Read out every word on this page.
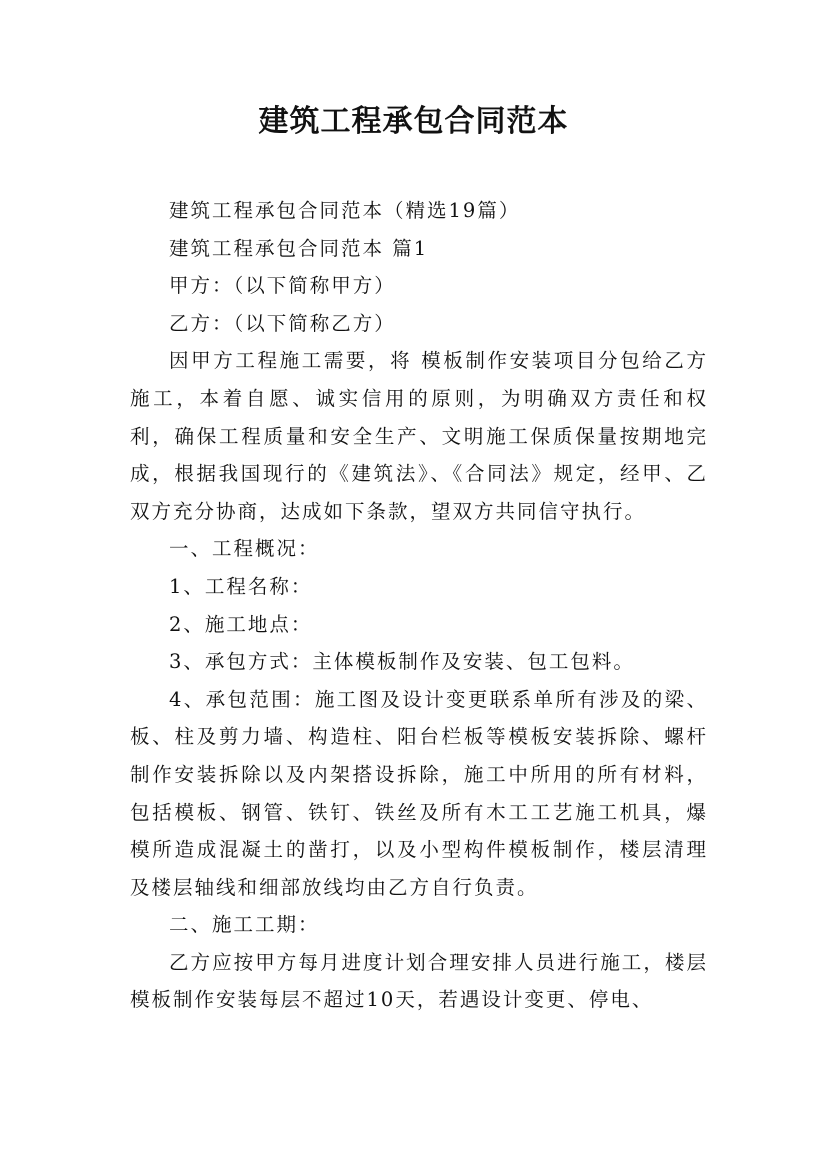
建筑工程承包合同范本

建筑工程承包合同范本（精选19篇）

建筑工程承包合同范本 篇1

甲方：（以下简称甲方）

乙方：（以下简称乙方）

因甲方工程施工需要，将 模板制作安装项目分包给乙方施工，本着自愿、诚实信用的原则，为明确双方责任和权利，确保工程质量和安全生产、文明施工保质保量按期地完成，根据我国现行的《建筑法》、《合同法》规定，经甲、乙双方充分协商，达成如下条款，望双方共同信守执行。

一、工程概况：

1、工程名称：

2、施工地点：

3、承包方式：主体模板制作及安装、包工包料。

4、承包范围：施工图及设计变更联系单所有涉及的梁、板、柱及剪力墙、构造柱、阳台栏板等模板安装拆除、螺杆制作安装拆除以及内架搭设拆除，施工中所用的所有材料，包括模板、钢管、铁钉、铁丝及所有木工工艺施工机具，爆模所造成混凝土的凿打，以及小型构件模板制作，楼层清理及楼层轴线和细部放线均由乙方自行负责。

二、施工工期：

乙方应按甲方每月进度计划合理安排人员进行施工，楼层模板制作安装每层不超过10天，若遇设计变更、停电、
